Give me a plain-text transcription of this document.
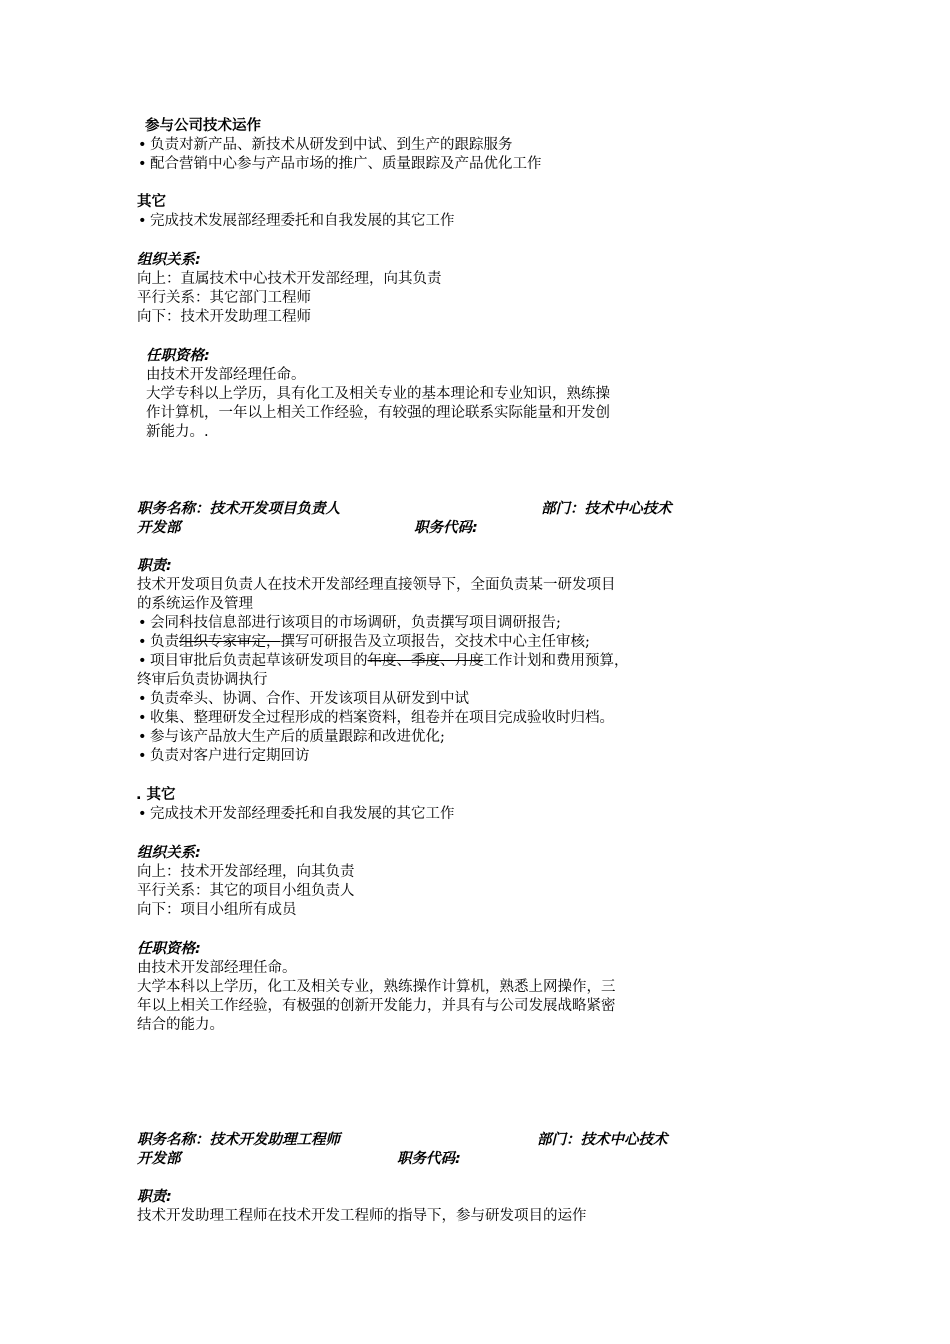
参与公司技术运作
• 负责对新产品、新技术从研发到中试、到生产的跟踪服务
• 配合营销中心参与产品市场的推广、质量跟踪及产品优化工作
其它
• 完成技术发展部经理委托和自我发展的其它工作
组织关系:
向上：直属技术中心技术开发部经理，向其负责
平行关系：其它部门工程师
向下：技术开发助理工程师
任职资格:
由技术开发部经理任命。
大学专科以上学历，具有化工及相关专业的基本理论和专业知识，熟练操
作计算机，一年以上相关工作经验，有较强的理论联系实际能量和开发创
新能力。.
职务名称：技术开发项目负责人	部门：技术中心技术
开发部	职务代码:
职责:
技术开发项目负责人在技术开发部经理直接领导下，全面负责某一研发项目
的系统运作及管理
• 会同科技信息部进行该项目的市场调研，负责撰写项目调研报告;
• 负责组织专家审定，撰写可研报告及立项报告，交技术中心主任审核;
• 项目审批后负责起草该研发项目的年度、季度、月度工作计划和费用预算，
终审后负责协调执行
• 负责牵头、协调、合作、开发该项目从研发到中试
• 收集、整理研发全过程形成的档案资料，组卷并在项目完成验收时归档。
• 参与该产品放大生产后的质量跟踪和改进优化;
• 负责对客户进行定期回访
. 其它
• 完成技术开发部经理委托和自我发展的其它工作
组织关系:
向上：技术开发部经理，向其负责
平行关系：其它的项目小组负责人
向下：项目小组所有成员
任职资格:
由技术开发部经理任命。
大学本科以上学历，化工及相关专业，熟练操作计算机，熟悉上网操作，三
年以上相关工作经验，有极强的创新开发能力，并具有与公司发展战略紧密
结合的能力。
职务名称：技术开发助理工程师	部门：技术中心技术
开发部	职务代码:
职责:
技术开发助理工程师在技术开发工程师的指导下，参与研发项目的运作
